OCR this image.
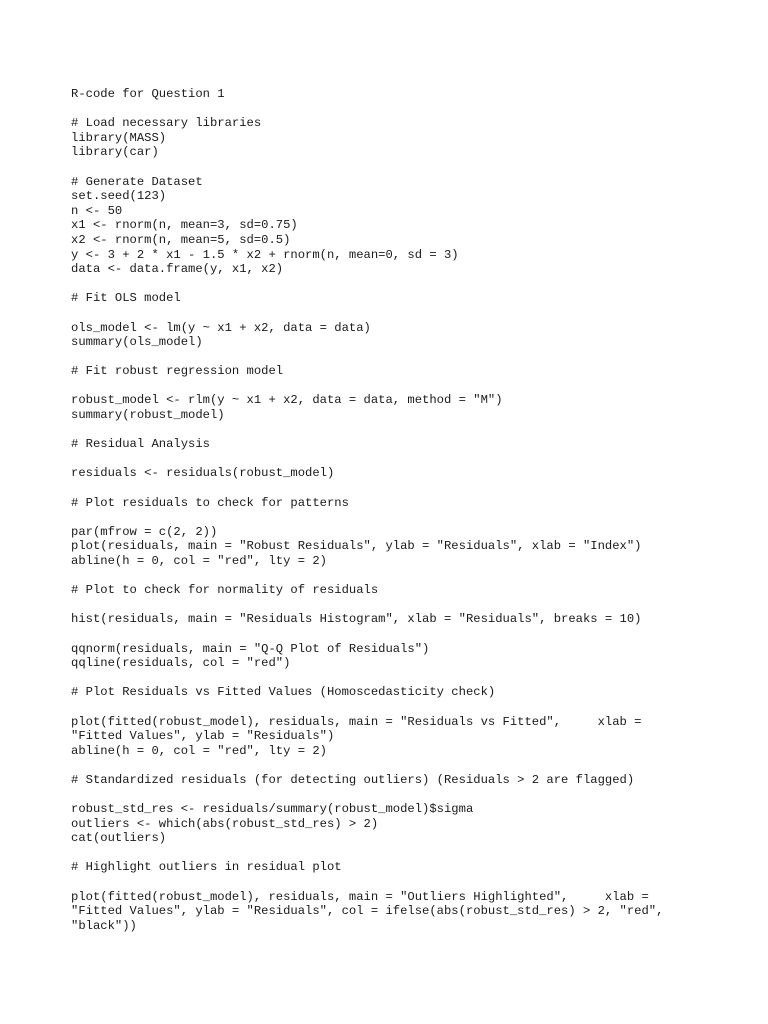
R-code for Question 1
# Load necessary libraries
library(MASS)
library(car)
# Generate Dataset
set.seed(123)
n <- 50
x1 <- rnorm(n, mean=3, sd=0.75)
x2 <- rnorm(n, mean=5, sd=0.5)
y <- 3 + 2 * x1 - 1.5 * x2 + rnorm(n, mean=0, sd = 3)
data <- data.frame(y, x1, x2)
# Fit OLS model
ols_model <- lm(y ~ x1 + x2, data = data)
summary(ols_model)
# Fit robust regression model
robust_model <- rlm(y ~ x1 + x2, data = data, method = "M")
summary(robust_model)
# Residual Analysis
residuals <- residuals(robust_model)
# Plot residuals to check for patterns
par(mfrow = c(2, 2))
plot(residuals, main = "Robust Residuals", ylab = "Residuals", xlab = "Index")
abline(h = 0, col = "red", lty = 2)
# Plot to check for normality of residuals
hist(residuals, main = "Residuals Histogram", xlab = "Residuals", breaks = 10)
qqnorm(residuals, main = "Q-Q Plot of Residuals")
qqline(residuals, col = "red")
# Plot Residuals vs Fitted Values (Homoscedasticity check)
plot(fitted(robust_model), residuals, main = "Residuals vs Fitted",     xlab =
"Fitted Values", ylab = "Residuals")
abline(h = 0, col = "red", lty = 2)
# Standardized residuals (for detecting outliers) (Residuals > 2 are flagged)
robust_std_res <- residuals/summary(robust_model)$sigma
outliers <- which(abs(robust_std_res) > 2)
cat(outliers)
# Highlight outliers in residual plot
plot(fitted(robust_model), residuals, main = "Outliers Highlighted",     xlab =
"Fitted Values", ylab = "Residuals", col = ifelse(abs(robust_std_res) > 2, "red",
"black"))
